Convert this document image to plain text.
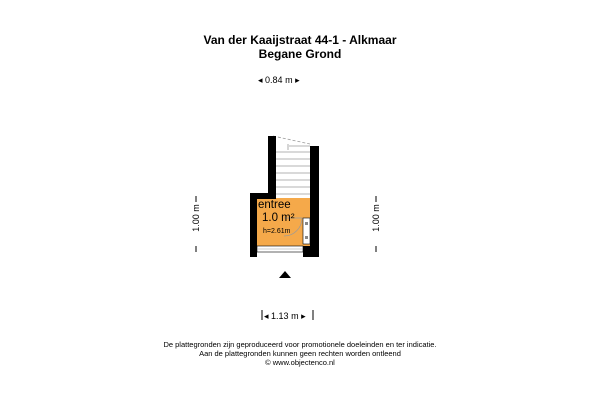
Van der Kaaijstraat 44-1 - Alkmaar
Begane Grond
◂ 0.84 m ▸
1.00 m	1.00 m
entree
1.0 m²
h=2.61m
◂ 1.13 m ▸
De plattegronden zijn geproduceerd voor promotionele doeleinden en ter indicatie.
Aan de plattegronden kunnen geen rechten worden ontleend
© www.objectenco.nl
